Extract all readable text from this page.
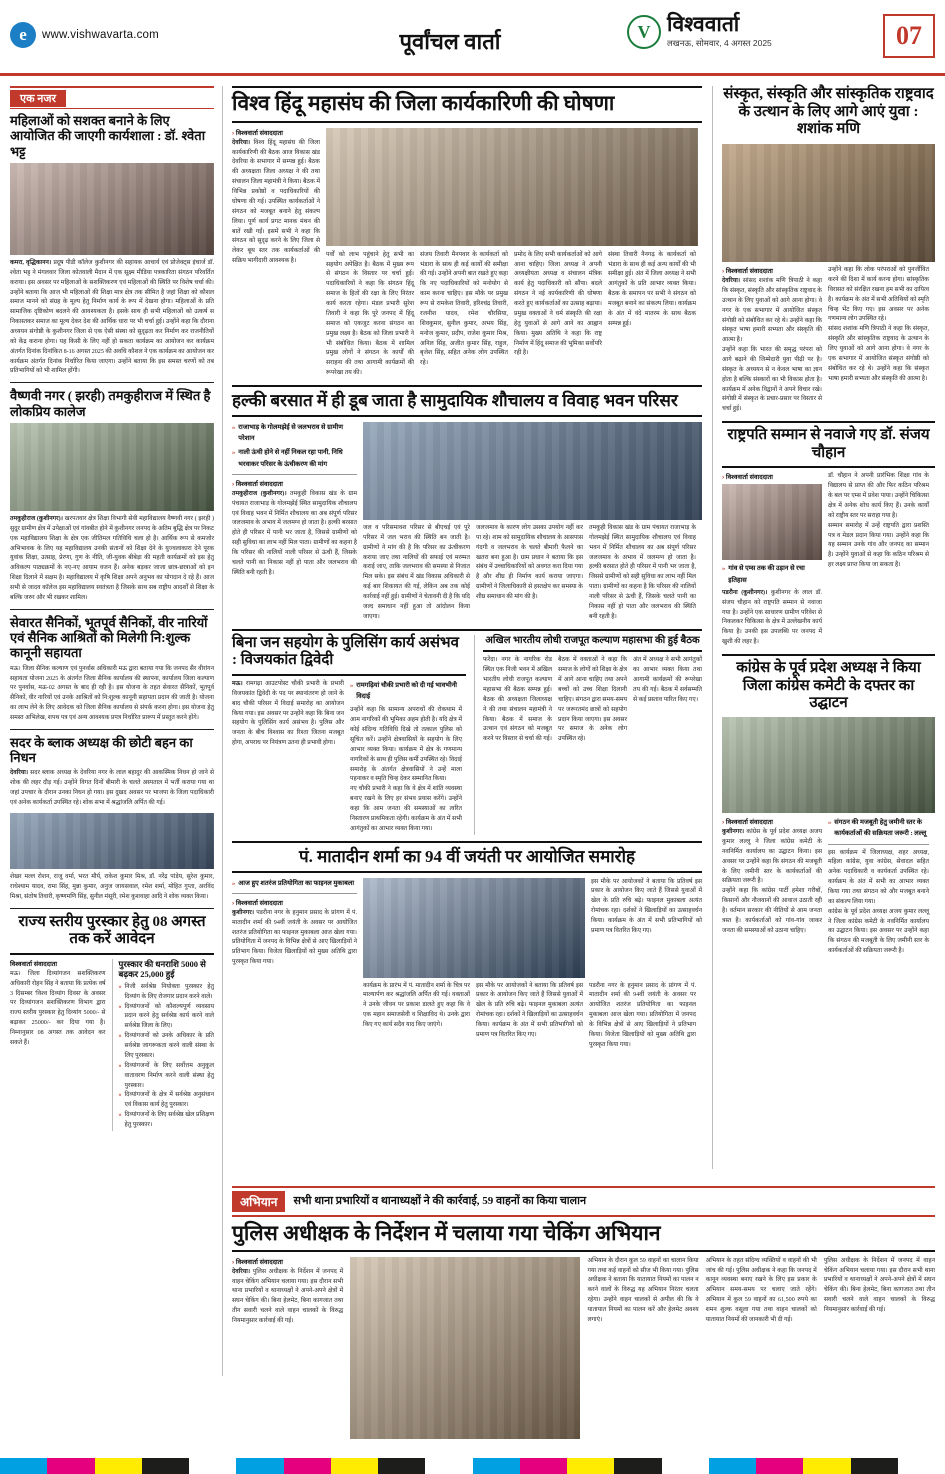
e	www.vishwavarta.com	पूर्वांचल वार्ता	V विश्ववार्ता
लखनऊ, सोमवार, 4 अगस्त 2025	07
एक नजर
महिलाओं को सशक्त बनाने के लिए आयोजित की जाएगी कार्यशाला : डॉ. श्वेता भट्ट
कमरा, वृद्धिकानन। प्रदूष पीडी कॉलेज कुशीनगर की सहायक आचार्य एवं प्रोजेक्ट्स इंचार्ज डॉ. श्वेता भट्ट ने मंगलवार जिला कोतवाली मैदान में एक सूक्ष्म मीडिया पत्रकारिता संगठन परिवर्तित कराया। इस अवसर पर महिलाओं के सशक्तिकरण एवं महिलाओं की स्थिति पर विशेष चर्चा की। उन्होंने बताया कि आज भी महिलाओं की शिक्षा मात्र क्षेत्र तक सीमित है जहां शिक्षा को कौशल समाज मानने को संग्रह के मूल्य हेतु निर्माण कार्य के रूप में देखना होगा। महिलाओं के प्रति सामाजिक दृष्टिकोण बदलने की आवश्यकता है। इसके साथ ही सभी महिलाओं को उत्कर्ष स निकास्तकर समाज का मूल्य देकर देश की आर्थिक धारा पर भी चर्चा हुई। उन्होंने कहा कि दौराना अध्ययन संगोष्ठी के कुशीनगर जिला से एक ऐसी संस्था को सुदृढ़ता कर निर्माण कर राजनीतियों को केंद्र कराना होगा। यह किसी के लिए नहीं हो सकता कार्यक्रम का आयोजन कर कार्यक्रम अंतर्गत दिनांक दिनांकित 8-16 अगस्त 2025 की अवधि कौशल ने एक कार्यक्रम का आयोजन कर कार्यक्रम अंतर्गत दिनांक निर्धारित किया जाएगा। उन्होंने बताया कि इस समस्त चरणों को तब प्रतिभागियों को भी शामिल होंगी।
वैष्णवी नगर ( झरही) तमकुहीराज में स्थित है लोकप्रिय कालेज
तमकुहीराज (कुशीनगर)। खरपतवार क्षेत्र शिक्षा विभागी सेवी महाविद्यालय वैष्णवी नगर ( झरही ) सुदूर ग्रामीण क्षेत्र में उपेक्षाओं एवं गांवबीत होने में कुशीनगर जनपद के अतिम बुद्धि क्षेत्र पर निकट एक महाविद्यालय शिक्षा के क्षेत्र एक जीतिमल गतिविधि चला हो है। आर्थिक रूप से कमजोर अभिभावक के लिए यह महाविद्यालय उनकी संतानों को शिक्षा देने के युज्वलाकारा देने पूरक युवांक शिक्षा, उत्साह, प्रेरणा, गुण के नीति, जी-युवक बीबेड़ा की महती कार्यक्रमों को इस हेतु अविकल्प पाठ्यक्रमों के नए-नए आयाम वजन हैं। अनेक बड़कर जाजा छात्र-छात्राओं को इन शिक्षा दिलाने में सक्षम है। महाविद्यालय में कृषि शिक्षा अपने अनुभव का योगदान दे रहे हैं। आज सभी से जादव कॉलेज इस महाविद्यालय स्वतंत्रता है जिसके साथ सब राष्ट्रीय आदर्शों से शिक्षा के बल्कि जरुर और भी रखकर शामिल।
सेवारत सैनिकों, भूतपूर्व सैनिकों, वीर नारियों एवं सैनिक आश्रितों को मिलेगी नि:शुल्क कानूनी सहायता
मऊ। जिला सैनिक कल्याण एवं पुनर्वास अधिकारी मऊ द्वारा बताया गया कि जनपद सैर वीरांगन सहायता योजना 2025 के अंतर्गत जिला सैनिक कार्यालय की स्थापना, कार्यालय जिला कल्याण पर पुनर्वास, मऊ-02 अगस्त के बाद ही रही है। इस योजना के तहत सेवारत सैनिकों, भूतपूर्व सैनिकों, वीर नारियों एवं उनके आश्रितों को नि:शुल्क कानूनी सहायता प्रदान की जाती है। योजना का लाभ लेने के लिए आवेदक को जिला सैनिक कार्यालय से संपर्क करना होगा। इस योजना हेतु समस्त अभिलेख, शपथ पत्र एवं अन्य आवश्यक प्रपत्र निर्धारित प्रारूप में प्रस्तुत करने होंगे।
सदर के ब्लाक अध्यक्ष की छोटी बहन का निधन
देवरिया। सदर ब्लाक अध्यक्ष के देवरिया नगर के लाल बहादुर की आकस्मिक निधन हो जाने से शोक की लहर दौड़ गई। उन्होंने विगत दिनों बीमारी के चलते अस्पताल में भर्ती कराया गया था जहां उपचार के दौरान उनका निधन हो गया। इस दुखद अवसर पर भाजपा के जिला पदाधिकारी एवं अनेक कार्यकर्ता उपस्थित रहे। शोक सभा में श्रद्धांजलि अर्पित की गई।
शेखर मल्ल रोशन, राजू वर्मा, भरत मौर्य, राकेश कुमार मिश्र, डॉ. नरेंद्र पांडेय, सुरेश कुमार, राधेश्याम यादव, रामा सिंह, मुन्ना कुमार, अनुज जायसवाल, रमेश शर्मा, मोहित गुप्ता, अरविंद मिश्रा, संतोष तिवारी, कृष्णमणि सिंह, सुनील मंसूरी, रमेश कुशवाहा आदि ने शोक व्यक्त किया।
राज्य स्तरीय पुरस्कार हेतु 08 अगस्त तक करें आवेदन
विश्ववार्ता संवाददाता
मऊ। जिला दिव्यांगजन सशक्तिकरण अधिकारी रोहन सिंह ने बताया कि प्रत्येक वर्ष 3 दिसम्बर 'विश्व दिव्यांग दिवस' के अवसर पर दिव्यांगजन सशक्तिकरण विभाग द्वारा राज्य स्तरीय पुरस्कार हेतु दिव्यांग 5000/- से बढ़ाकर 25000/- कर दिया गया है। निम्नानुसार 08 अगस्त तक आवेदन कर सकते हैं।
पुरस्कार की धनराशि 5000 से बढ़कर 25,000 हुई
» निजी सर्वश्रेष्ठ नियोक्ता पुरस्कार हेतु दिव्यांग के लिए रोजगार प्रदान करने वाले।
» दिव्यांगजनों को कौशल्यपूर्ण व्यवसाय प्रदान करने हेतु सर्वश्रेष्ठ कार्य करने वाले सर्वश्रेष्ठ जिला के लिए।
» दिव्यांगजनों को उनके अधिकार के प्रति सर्वश्रेष्ठ जागरूकता करने वाली संस्था के लिए पुरस्कार।
» दिव्यांगजनों के लिए सर्वोत्तम अनुकूल वातावरण निर्माण करने वाली संस्था हेतु पुरस्कार।
» दिव्यांगजनों के क्षेत्र में सर्वश्रेष्ठ अनुसंधान एवं विकास कार्य हेतु पुरस्कार।
» दिव्यांगजनों के लिए सर्वश्रेष्ठ खेल प्रशिक्षण हेतु पुरस्कार।
विश्व हिंदू महासंघ की जिला कार्यकारिणी की घोषणा
› विश्ववार्ता संवाददाता
देवरिया। विश्व हिंदू महासंघ की जिला कार्यकारिणी की बैठक आज विकास खंड देवरिया के सभागार में सम्पन्न हुई। बैठक की अध्यक्षता जिला अध्यक्ष ने की तथा संचालन जिला महामंत्री ने किया। बैठक में विभिन्न प्रकोष्ठों व पदाधिकारियों की घोषणा की गई। उपस्थित कार्यकर्ताओं ने संगठन को मजबूत बनाने हेतु संकल्प लिया। पूर्ण कार्य प्रगट मानक मंथन की बातें रखी गईं। इसमें सभी ने कहा कि संगठन को सुदृढ़ करने के लिए जिला से लेकर बूथ स्तर तक कार्यकर्ताओं की सक्रिय भागीदारी आवश्यक है।
पर्वों को लाभ पहुंचाने हेतु सभी का सहयोग अपेक्षित है। बैठक में मुख्य रूप से संगठन के विस्तार पर चर्चा हुई। पदाधिकारियों ने कहा कि संगठन हिंदू समाज के हितों की रक्षा के लिए निरंतर कार्य करता रहेगा। मंडल प्रभारी सुरेश तिवारी ने कहा कि पूरे जनपद में हिंदू समाज को एकजुट करना संगठन का प्रमुख लक्ष्य है। बैठक को जिला प्रभारी ने भी संबोधित किया। बैठक में शामिल प्रमुख लोगों ने संगठन के कार्यों की सराहना की तथा आगामी कार्यक्रमों की रूपरेखा तय की।
संजय तिवारी मैनपवार के कार्यकर्ता को भंडारा के साथ ही कई कार्यों की समीक्षा की गई। उन्होंने अपनी बात रखते हुए कहा कि नए पदाधिकारियों को मनोयोग से काम करना चाहिए। इस मौके पर प्रमुख रूप से रामकेश तिवारी, हरिश्चंद्र तिवारी, रजनीश यादव, रमेश चौरसिया, शिवकुमार, सुनील कुमार, अभय सिंह, मनोज कुमार, प्रदीप, राजेश कुमार मिश्र, अनिल सिंह, अजीत कुमार सिंह, राहुल, बृजेश सिंह, सहित अनेक लोग उपस्थित रहे।
प्रमोद के लिए सभी कार्यकर्ताओं को आगे आना चाहिए। जिला अध्यक्ष ने अपनी अध्यक्षीयता अध्यक्ष व संचालन मंत्रिक कार्य हेतु पदाधिकारी को सौंपा। बदले संगठन ने नई कार्यकारिणी की घोषणा करते हुए कार्यकर्ताओं का उत्साह बढ़ाया। प्रमुख वक्ताओं ने धर्म संस्कृति की रक्षा हेतु युवाओं से आगे आने का आह्वान किया। मुख्य अतिथि ने कहा कि राष्ट्र निर्माण में हिंदू समाज की भूमिका सर्वोपरि रही है।
संस्था तिवारी नैनगढ़ के कार्यकर्ता को भंडारा के साथ ही कई अन्य कार्यों की भी समीक्षा हुई। अंत में जिला अध्यक्ष ने सभी आगंतुकों के प्रति आभार व्यक्त किया। बैठक के समापन पर सभी ने संगठन को मजबूत बनाने का संकल्प लिया। कार्यक्रम के अंत में वंदे मातरम के साथ बैठक सम्पन्न हुई।
हल्की बरसात में ही डूब जाता है सामुदायिक शौचालय व विवाह भवन परिसर
» राजाभाड़ के गोलमझेई से जलभराव से ग्रामीण परेशान
» नाली ऊंची होने से नहीं निकल रहा पानी, निधि भरवाकर परिसर के ऊंचीकरण की मांग
› विश्ववार्ता संवाददाता
तमकुहीराज (कुशीनगर)। तमकुही विकास खंड के ग्राम पंचायत राजाभाड़ के गोलमझेई स्थित सामुदायिक शौचालय एवं विवाह भवन में निर्मित शौचालय का अब संपूर्ण परिसर जलजमाव के अभाव में जलमग्न हो जाता है। हल्की बरसात होते ही परिसर में पानी भर जाता है, जिससे ग्रामीणों को सही सुविधा का लाभ नहीं मिल पाता। ग्रामीणों का कहना है कि परिसर की नालियों नाली परिसर से ऊंची हैं, जिसके चलते पानी का निकास नहीं हो पाता और जलभराव की स्थिति बनी रहती है।
जल व परिसमावश परिसर से बीएचई एवं पूरे परिसर में जल भराव की स्थिति बन जाती है। ग्रामीणों ने मांग की है कि परिसर का ऊंचीकरण कराया जाए तथा नालियों की सफाई एवं मरम्मत कराई जाए, ताकि जलभराव की समस्या से निजात मिल सके। इस संबंध में खंड विकास अधिकारी से कई बार शिकायत की गई, लेकिन अब तक कोई कार्रवाई नहीं हुई। ग्रामीणों ने चेतावनी दी है कि यदि जल्द समाधान नहीं हुआ तो आंदोलन किया जाएगा।
जलजमाव के कारण लोग उसका उपयोग नहीं कर पा रहे। शाम को सामुदायिक शौचालय के आसपास गंदगी व जलभराव के चलते बीमारी फैलने का खतरा बना हुआ है। ग्राम प्रधान ने बताया कि इस संबंध में उच्चाधिकारियों को अवगत करा दिया गया है और शीघ्र ही निर्माण कार्य कराया जाएगा। ग्रामीणों ने जिलाधिकारी से हस्तक्षेप कर समस्या के शीघ्र समाधान की मांग की है।
तमकुही विकास खंड के ग्राम पंचायत राजाभाड़ के गोलमझेई स्थित सामुदायिक शौचालय एवं विवाह भवन में निर्मित शौचालय का अब संपूर्ण परिसर जलजमाव के अभाव में जलमग्न हो जाता है। हल्की बरसात होते ही परिसर में पानी भर जाता है, जिससे ग्रामीणों को सही सुविधा का लाभ नहीं मिल पाता। ग्रामीणों का कहना है कि परिसर की नालियों नाली परिसर से ऊंची हैं, जिसके चलते पानी का निकास नहीं हो पाता और जलभराव की स्थिति बनी रहती है।
बिना जन सहयोग के पुलिसिंग कार्य असंभव : विजयकांत द्विवेदी
मऊ। रामगढ़ा आउटपोस्ट चौकी प्रभारी के प्रभारी विजयकांत द्विवेदी के पद पर स्थानांतरण हो जाने के बाद चौकी परिसर में विदाई समारोह का आयोजन किया गया। इस अवसर पर उन्होंने कहा कि बिना जन सहयोग के पुलिसिंग कार्य असंभव है। पुलिस और जनता के बीच विश्वास का रिश्ता जितना मजबूत होगा, अपराध पर नियंत्रण उतना ही प्रभावी होगा।
» रामगढ़ियां चौकी प्रभारी को दी गई भावभीनी विदाई
उन्होंने कहा कि सामान्य अपराधों की रोकथाम में आम नागरिकों की भूमिका अहम होती है। यदि क्षेत्र में कोई संदिग्ध गतिविधि दिखे तो तत्काल पुलिस को सूचित करें। उन्होंने क्षेत्रवासियों के सहयोग के लिए आभार व्यक्त किया। कार्यक्रम में क्षेत्र के गणमान्य नागरिकों के साथ ही पुलिस कर्मी उपस्थित रहे। विदाई समारोह के अंतर्गत क्षेत्रवासियों ने उन्हें माला पहनाकर व स्मृति चिन्ह देकर सम्मानित किया।
नए चौकी प्रभारी ने कहा कि वे क्षेत्र में शांति व्यवस्था बनाए रखने के लिए हर संभव प्रयास करेंगे। उन्होंने कहा कि आम जनता की समस्याओं का त्वरित निस्तारण प्राथमिकता रहेगी। कार्यक्रम के अंत में सभी आगंतुकों का आभार व्यक्त किया गया।
अखिल भारतीय लोधी राजपूत कल्याण महासभा की हुई बैठक
फरेंदा। नगर के नागरिक रोड स्थित एक निजी भवन में अखिल भारतीय लोधी राजपूत कल्याण महासभा की बैठक सम्पन्न हुई। बैठक की अध्यक्षता जिलाध्यक्ष ने की तथा संचालन महामंत्री ने किया। बैठक में समाज के उत्थान एवं संगठन को मजबूत करने पर विस्तार से चर्चा की गई।
बैठक में वक्ताओं ने कहा कि समाज के लोगों को शिक्षा के क्षेत्र में आगे आना चाहिए तथा अपने बच्चों को उच्च शिक्षा दिलानी चाहिए। संगठन द्वारा समय-समय पर जरूरतमंद छात्रों को सहयोग प्रदान किया जाएगा। इस अवसर पर समाज के अनेक लोग उपस्थित रहे।
अंत में अध्यक्ष ने सभी आगंतुकों का आभार व्यक्त किया तथा आगामी कार्यक्रमों की रूपरेखा तय की गई। बैठक में सर्वसम्मति से कई प्रस्ताव पारित किए गए।
पं. मातादीन शर्मा का 94 वीं जयंती पर आयोजित समारोह
» आज हुए शतरंज प्रतियोगिता का फाइनल मुकाबला
› विश्ववार्ता संवाददाता
कुशीनगर। पडरौना नगर के हनुमान प्रसाद के प्रांगण में पं. मातादीन शर्मा की 94वीं जयंती के अवसर पर आयोजित शतरंज प्रतियोगिता का फाइनल मुकाबला आज खेला गया। प्रतियोगिता में जनपद के विभिन्न क्षेत्रों से आए खिलाड़ियों ने प्रतिभाग किया। विजेता खिलाड़ियों को मुख्य अतिथि द्वारा पुरस्कृत किया गया।
इस मौके पर आयोजकों ने बताया कि प्रतिवर्ष इस प्रकार के आयोजन किए जाते हैं जिससे युवाओं में खेल के प्रति रुचि बढ़े। फाइनल मुकाबला अत्यंत रोमांचक रहा। दर्शकों ने खिलाड़ियों का उत्साहवर्धन किया। कार्यक्रम के अंत में सभी प्रतिभागियों को प्रमाण पत्र वितरित किए गए।
कार्यक्रम के प्रारंभ में पं. मातादीन शर्मा के चित्र पर माल्यार्पण कर श्रद्धांजलि अर्पित की गई। वक्ताओं ने उनके जीवन पर प्रकाश डालते हुए कहा कि वे एक महान समाजसेवी व शिक्षाविद थे। उनके द्वारा किए गए कार्य सदैव याद किए जाएंगे।
इस मौके पर आयोजकों ने बताया कि प्रतिवर्ष इस प्रकार के आयोजन किए जाते हैं जिससे युवाओं में खेल के प्रति रुचि बढ़े। फाइनल मुकाबला अत्यंत रोमांचक रहा। दर्शकों ने खिलाड़ियों का उत्साहवर्धन किया। कार्यक्रम के अंत में सभी प्रतिभागियों को प्रमाण पत्र वितरित किए गए।
पडरौना नगर के हनुमान प्रसाद के प्रांगण में पं. मातादीन शर्मा की 94वीं जयंती के अवसर पर आयोजित शतरंज प्रतियोगिता का फाइनल मुकाबला आज खेला गया। प्रतियोगिता में जनपद के विभिन्न क्षेत्रों से आए खिलाड़ियों ने प्रतिभाग किया। विजेता खिलाड़ियों को मुख्य अतिथि द्वारा पुरस्कृत किया गया।
संस्कृत, संस्कृति और सांस्कृतिक राष्ट्रवाद के उत्थान के लिए आगे आएं युवा : शशांक मणि
› विश्ववार्ता संवाददाता
देवरिया। सांसद शशांक मणि त्रिपाठी ने कहा कि संस्कृत, संस्कृति और सांस्कृतिक राष्ट्रवाद के उत्थान के लिए युवाओं को आगे आना होगा। वे नगर के एक सभागार में आयोजित संस्कृत संगोष्ठी को संबोधित कर रहे थे। उन्होंने कहा कि संस्कृत भाषा हमारी सभ्यता और संस्कृति की आत्मा है।
उन्होंने कहा कि भारत की समृद्ध परंपरा को आगे बढ़ाने की जिम्मेदारी युवा पीढ़ी पर है। संस्कृत के अध्ययन से न केवल भाषा का ज्ञान होता है बल्कि संस्कारों का भी विकास होता है। कार्यक्रम में अनेक विद्वानों ने अपने विचार रखे। संगोष्ठी में संस्कृत के प्रचार-प्रसार पर विस्तार से चर्चा हुई।
उन्होंने कहा कि लोक परंपराओं को पुनर्जीवित करने की दिशा में कार्य करना होगा। सांस्कृतिक विरासत को संरक्षित रखना हम सभी का दायित्व है। कार्यक्रम के अंत में सभी अतिथियों को स्मृति चिन्ह भेंट किए गए। इस अवसर पर अनेक गणमान्य लोग उपस्थित रहे।
सांसद शशांक मणि त्रिपाठी ने कहा कि संस्कृत, संस्कृति और सांस्कृतिक राष्ट्रवाद के उत्थान के लिए युवाओं को आगे आना होगा। वे नगर के एक सभागार में आयोजित संस्कृत संगोष्ठी को संबोधित कर रहे थे। उन्होंने कहा कि संस्कृत भाषा हमारी सभ्यता और संस्कृति की आत्मा है।
राष्ट्रपति सम्मान से नवाजे गए डॉ. संजय चौहान
› विश्ववार्ता संवाददाता
» गांव से एम्स तक की उड़ान से रचा इतिहास
पडरौना (कुशीनगर)। कुशीनगर के लाल डॉ. संजय चौहान को राष्ट्रपति सम्मान से नवाजा गया है। उन्होंने एक साधारण ग्रामीण परिवेश से निकलकर चिकित्सा के क्षेत्र में उल्लेखनीय कार्य किया है। उनकी इस उपलब्धि पर जनपद में खुशी की लहर है।
डॉ. चौहान ने अपनी प्रारंभिक शिक्षा गांव के विद्यालय से प्राप्त की और फिर कठिन परिश्रम के बल पर एम्स में प्रवेश पाया। उन्होंने चिकित्सा क्षेत्र में अनेक शोध कार्य किए हैं। उनके कार्यों को राष्ट्रीय स्तर पर सराहा गया है।
सम्मान समारोह में उन्हें राष्ट्रपति द्वारा प्रशस्ति पत्र व मेडल प्रदान किया गया। उन्होंने कहा कि यह सम्मान उनके गांव और जनपद का सम्मान है। उन्होंने युवाओं से कहा कि कठिन परिश्रम से हर लक्ष्य प्राप्त किया जा सकता है।
कांग्रेस के पूर्व प्रदेश अध्यक्ष ने किया जिला कांग्रेस कमेटी के दफ्तर का उद्घाटन
› विश्ववार्ता संवाददाता
कुशीनगर। कांग्रेस के पूर्व प्रदेश अध्यक्ष अजय कुमार लल्लू ने जिला कांग्रेस कमेटी के नवनिर्मित कार्यालय का उद्घाटन किया। इस अवसर पर उन्होंने कहा कि संगठन की मजबूती के लिए जमीनी स्तर के कार्यकर्ताओं की सक्रियता जरूरी है।
उन्होंने कहा कि कांग्रेस पार्टी हमेशा गरीबों, किसानों और नौजवानों की आवाज उठाती रही है। वर्तमान सरकार की नीतियों से आम जनता त्रस्त है। कार्यकर्ताओं को गांव-गांव जाकर जनता की समस्याओं को उठाना चाहिए।
» संगठन की मजबूती हेतु जमीनी स्तर के कार्यकर्ताओं की सक्रियता जरूरी : लल्लू
इस कार्यक्रम में जिलाध्यक्ष, शहर अध्यक्ष, महिला कांग्रेस, युवा कांग्रेस, सेवादल सहित अनेक पदाधिकारी व कार्यकर्ता उपस्थित रहे। कार्यक्रम के अंत में सभी का आभार व्यक्त किया गया तथा संगठन को और मजबूत बनाने का संकल्प लिया गया।
कांग्रेस के पूर्व प्रदेश अध्यक्ष अजय कुमार लल्लू ने जिला कांग्रेस कमेटी के नवनिर्मित कार्यालय का उद्घाटन किया। इस अवसर पर उन्होंने कहा कि संगठन की मजबूती के लिए जमीनी स्तर के कार्यकर्ताओं की सक्रियता जरूरी है।
अभियान	सभी थाना प्रभारियों व थानाध्यक्षों ने की कार्रवाई, 59 वाहनों का किया चालान
पुलिस अधीक्षक के निर्देशन में चलाया गया चेकिंग अभियान
› विश्ववार्ता संवाददाता
देवरिया। पुलिस अधीक्षक के निर्देशन में जनपद में वाहन चेकिंग अभियान चलाया गया। इस दौरान सभी थाना प्रभारियों व थानाध्यक्षों ने अपने-अपने क्षेत्रों में सघन चेकिंग की। बिना हेलमेट, बिना कागजात तथा तीन सवारी चलने वाले वाहन चालकों के विरुद्ध नियमानुसार कार्रवाई की गई।
अभियान के दौरान कुल 59 वाहनों का चालान किया गया तथा कई वाहनों को सीज भी किया गया। पुलिस अधीक्षक ने बताया कि यातायात नियमों का पालन न करने वालों के विरुद्ध यह अभियान निरंतर चलता रहेगा। उन्होंने वाहन चालकों से अपील की कि वे यातायात नियमों का पालन करें और हेलमेट अवश्य लगाएं।
अभियान के तहत संदिग्ध व्यक्तियों व वाहनों की भी जांच की गई। पुलिस अधीक्षक ने कहा कि जनपद में कानून व्यवस्था बनाए रखने के लिए इस प्रकार के अभियान समय-समय पर चलाए जाते रहेंगे। अभियान में कुल 59 वाहनों का 61,500 रुपये का शमन शुल्क वसूला गया तथा वाहन चालकों को यातायात नियमों की जानकारी भी दी गई।
पुलिस अधीक्षक के निर्देशन में जनपद में वाहन चेकिंग अभियान चलाया गया। इस दौरान सभी थाना प्रभारियों व थानाध्यक्षों ने अपने-अपने क्षेत्रों में सघन चेकिंग की। बिना हेलमेट, बिना कागजात तथा तीन सवारी चलने वाले वाहन चालकों के विरुद्ध नियमानुसार कार्रवाई की गई।
